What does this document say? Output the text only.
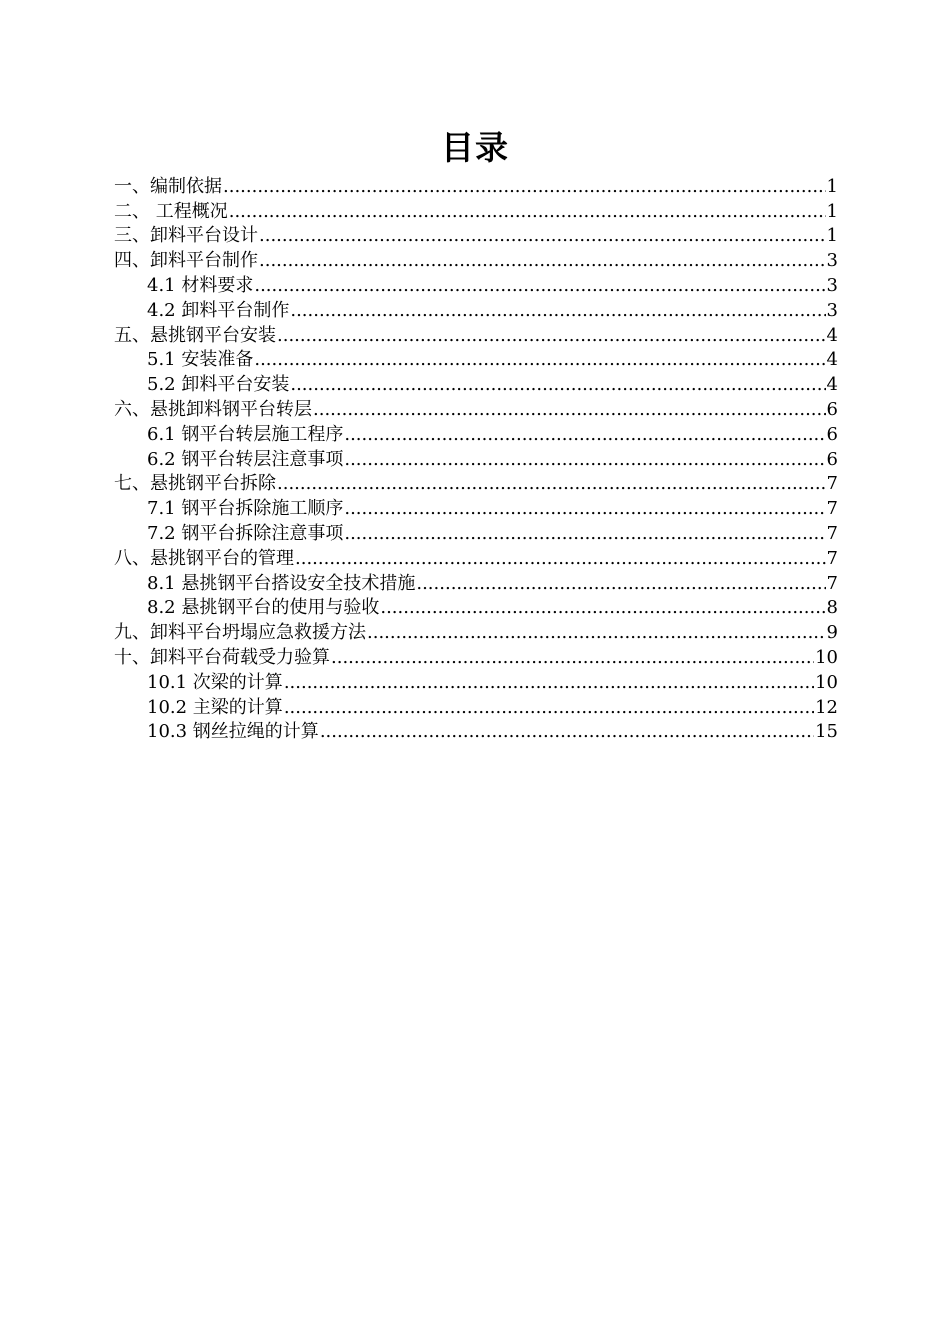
目录
一、编制依据 .....	1
二、 工程概况 .....	1
三、卸料平台设计 .....	1
四、卸料平台制作 .....	3
4.1 材料要求 .....	3
4.2 卸料平台制作 .....	3
五、悬挑钢平台安装 .....	4
5.1 安装准备 .....	4
5.2 卸料平台安装 .....	4
六、悬挑卸料钢平台转层 .....	6
6.1 钢平台转层施工程序 .....	6
6.2 钢平台转层注意事项 .....	6
七、悬挑钢平台拆除 .....	7
7.1 钢平台拆除施工顺序 .....	7
7.2 钢平台拆除注意事项 .....	7
八、悬挑钢平台的管理 .....	7
8.1 悬挑钢平台搭设安全技术措施 .....	7
8.2 悬挑钢平台的使用与验收 .....	8
九、卸料平台坍塌应急救援方法 .....	9
十、卸料平台荷载受力验算 .....	10
10.1 次梁的计算 .....	10
10.2 主梁的计算 .....	12
10.3 钢丝拉绳的计算 .....	15
